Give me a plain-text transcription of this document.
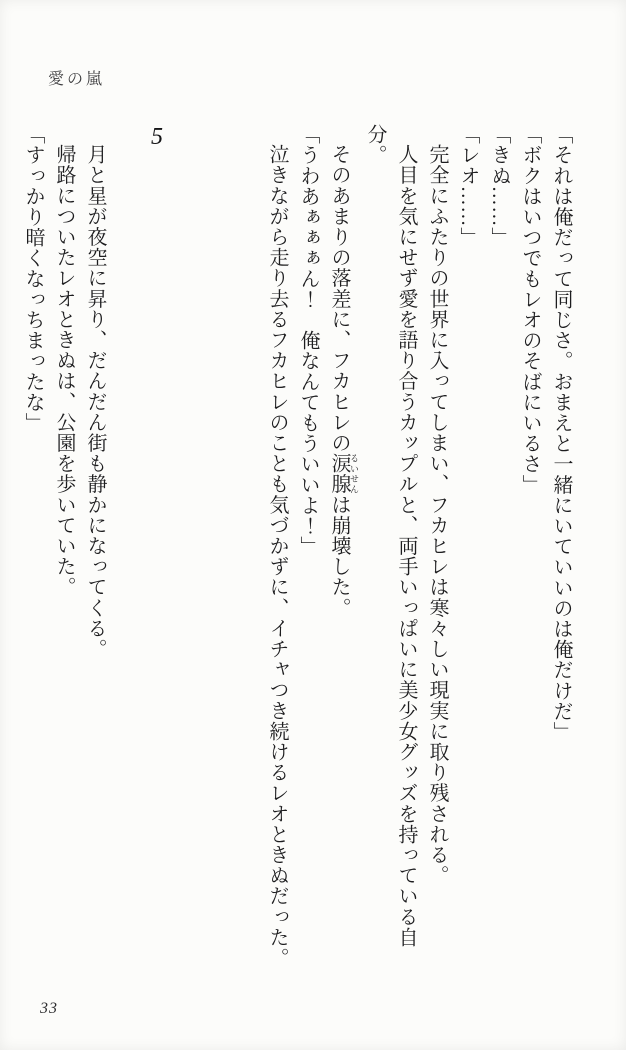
愛の嵐

「それは俺だって同じさ。おまえと一緒にいていいのは俺だけだ」

「ボクはいつでもレオのそばにいるさ」

「きぬ……」

「レオ……」

完全にふたりの世界に入ってしまい、フカヒレは寒々しい現実に取り残される。

人目を気にせず愛を語り合うカップルと、両手いっぱいに美少女グッズを持っている自分。

そのあまりの落差に、フカヒレの涙腺 るいせんは崩壊した。

「うわあぁぁぁん！　俺なんてもういいよ！」

泣きながら走り去るフカヒレのことも気づかずに、イチャつき続けるレオときぬだった。

5

月と星が夜空に昇り、だんだん街も静かになってくる。

帰路についたレオときぬは、公園を歩いていた。

「すっかり暗くなっちまったな」

33
